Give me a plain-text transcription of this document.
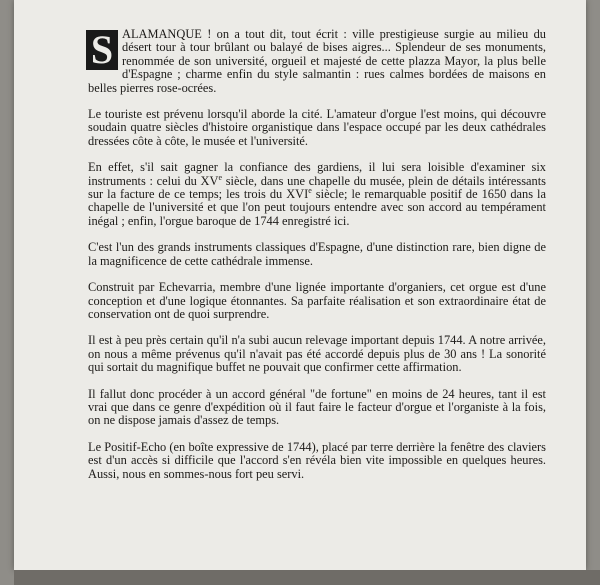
S ALAMANQUE ! on a tout dit, tout écrit : ville prestigieuse surgie au milieu du désert tour à tour brûlant ou balayé de bises aigres... Splendeur de ses monuments, renommée de son université, orgueil et majesté de cette plazza Mayor, la plus belle d'Espagne ; charme enfin du style salmantin : rues calmes bordées de maisons en belles pierres rose-ocrées.

Le touriste est prévenu lorsqu'il aborde la cité. L'amateur d'orgue l'est moins, qui découvre soudain quatre siècles d'histoire organistique dans l'espace occupé par les deux cathédrales dressées côte à côte, le musée et l'université.

En effet, s'il sait gagner la confiance des gardiens, il lui sera loisible d'examiner six instruments : celui du XVe siècle, dans une chapelle du musée, plein de détails intéressants sur la facture de ce temps; les trois du XVIe siècle; le remarquable positif de 1650 dans la chapelle de l'université et que l'on peut toujours entendre avec son accord au tempérament inégal ; enfin, l'orgue baroque de 1744 enregistré ici.

C'est l'un des grands instruments classiques d'Espagne, d'une distinction rare, bien digne de la magnificence de cette cathédrale immense.

Construit par Echevarria, membre d'une lignée importante d'organiers, cet orgue est d'une conception et d'une logique étonnantes. Sa parfaite réalisation et son extraordinaire état de conservation ont de quoi surprendre.

Il est à peu près certain qu'il n'a subi aucun relevage important depuis 1744. A notre arrivée, on nous a même prévenus qu'il n'avait pas été accordé depuis plus de 30 ans ! La sonorité qui sortait du magnifique buffet ne pouvait que confirmer cette affirmation.

Il fallut donc procéder à un accord général "de fortune" en moins de 24 heures, tant il est vrai que dans ce genre d'expédition où il faut faire le facteur d'orgue et l'organiste à la fois, on ne dispose jamais d'assez de temps.

Le Positif-Echo (en boîte expressive de 1744), placé par terre derrière la fenêtre des claviers est d'un accès si difficile que l'accord s'en révéla bien vite impossible en quelques heures. Aussi, nous en sommes-nous fort peu servi.
